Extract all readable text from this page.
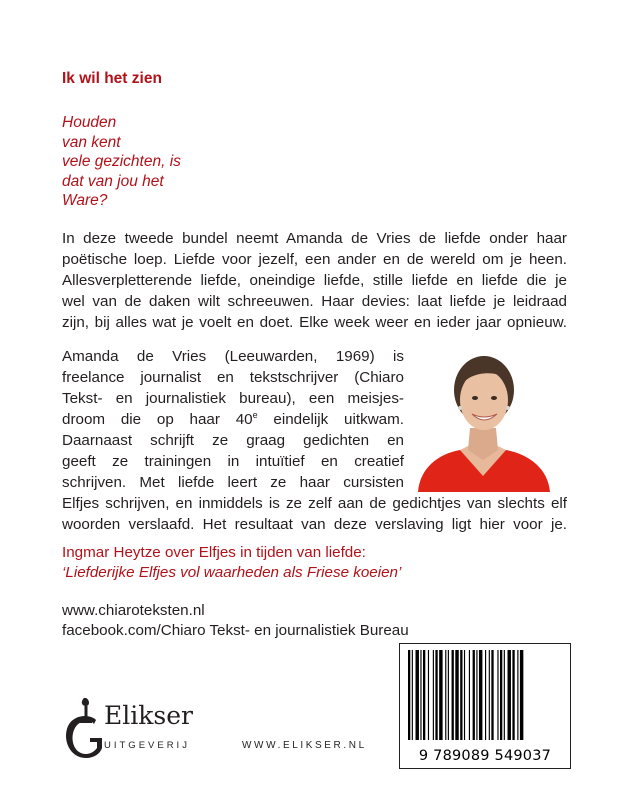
Ik wil het zien
Houden
van kent
vele gezichten, is
dat van jou het
Ware?
In deze tweede bundel neemt Amanda de Vries de liefde onder haar
poëtische loep. Liefde voor jezelf, een ander en de wereld om je heen.
Allesverpletterende liefde, oneindige liefde, stille liefde en liefde die je
wel van de daken wilt schreeuwen. Haar devies: laat liefde je leidraad
zijn, bij alles wat je voelt en doet. Elke week weer en ieder jaar opnieuw.
Amanda de Vries (Leeuwarden, 1969) is
freelance journalist en tekstschrijver (Chiaro
Tekst- en journalistiek bureau), een meisjes-
droom die op haar 40e eindelijk uitkwam.
Daarnaast schrijft ze graag gedichten en
geeft ze trainingen in intuïtief en creatief
schrijven. Met liefde leert ze haar cursisten
Elfjes schrijven, en inmiddels is ze zelf aan de gedichtjes van slechts elf
woorden verslaafd. Het resultaat van deze verslaving ligt hier voor je.
Ingmar Heytze over Elfjes in tijden van liefde:
‘Liefderijke Elfjes vol waarheden als Friese koeien’
www.chiaroteksten.nl
facebook.com/Chiaro Tekst- en journalistiek Bureau
Elikser
UITGEVERIJ	WWW.ELIKSER.NL
9 789089 549037
